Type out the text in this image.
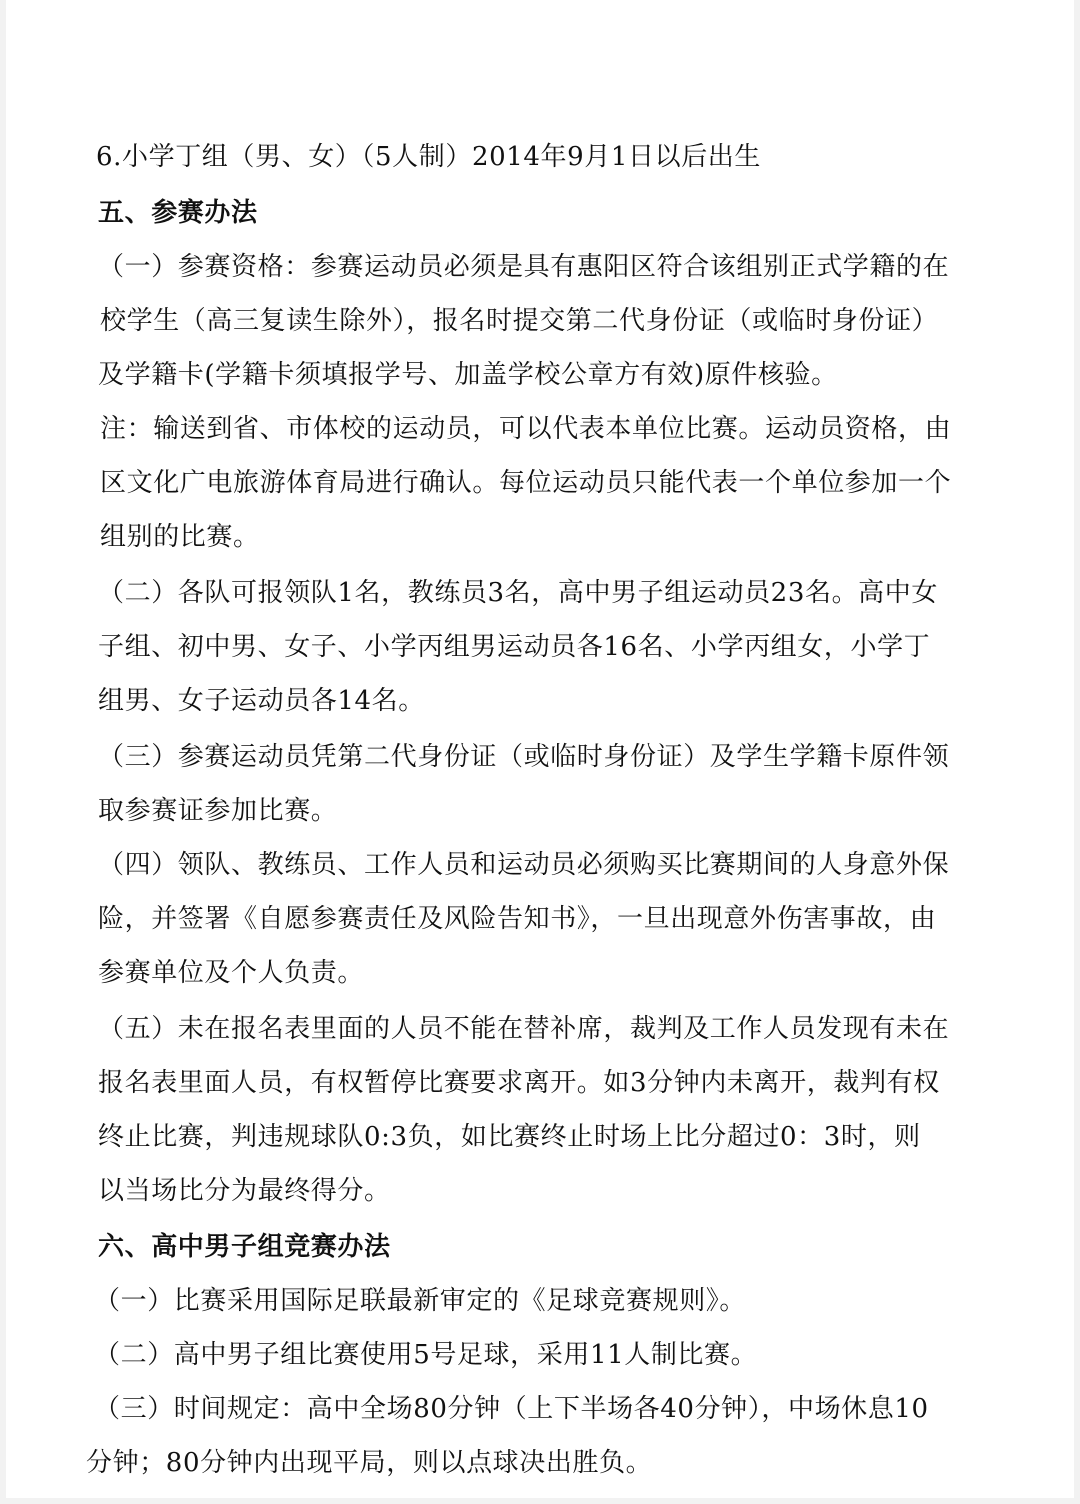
6.小学丁组（男、女）（5人制）2014年9月1日以后出生
五、参赛办法
（一）参赛资格：参赛运动员必须是具有惠阳区符合该组别正式学籍的在
校学生（高三复读生除外），报名时提交第二代身份证（或临时身份证）
及学籍卡(学籍卡须填报学号、加盖学校公章方有效)原件核验。
注：输送到省、市体校的运动员，可以代表本单位比赛。运动员资格，由
区文化广电旅游体育局进行确认。每位运动员只能代表一个单位参加一个
组别的比赛。
（二）各队可报领队1名，教练员3名，高中男子组运动员23名。高中女
子组、初中男、女子、小学丙组男运动员各16名、小学丙组女，小学丁
组男、女子运动员各14名。
（三）参赛运动员凭第二代身份证（或临时身份证）及学生学籍卡原件领
取参赛证参加比赛。
（四）领队、教练员、工作人员和运动员必须购买比赛期间的人身意外保
险，并签署《自愿参赛责任及风险告知书》，一旦出现意外伤害事故，由
参赛单位及个人负责。
（五）未在报名表里面的人员不能在替补席，裁判及工作人员发现有未在
报名表里面人员，有权暂停比赛要求离开。如3分钟内未离开，裁判有权
终止比赛，判违规球队0:3负，如比赛终止时场上比分超过0：3时，则
以当场比分为最终得分。
六、高中男子组竞赛办法
（一）比赛采用国际足联最新审定的《足球竞赛规则》。
（二）高中男子组比赛使用5号足球，采用11人制比赛。
（三）时间规定：高中全场80分钟（上下半场各40分钟），中场休息10
分钟；80分钟内出现平局，则以点球决出胜负。
